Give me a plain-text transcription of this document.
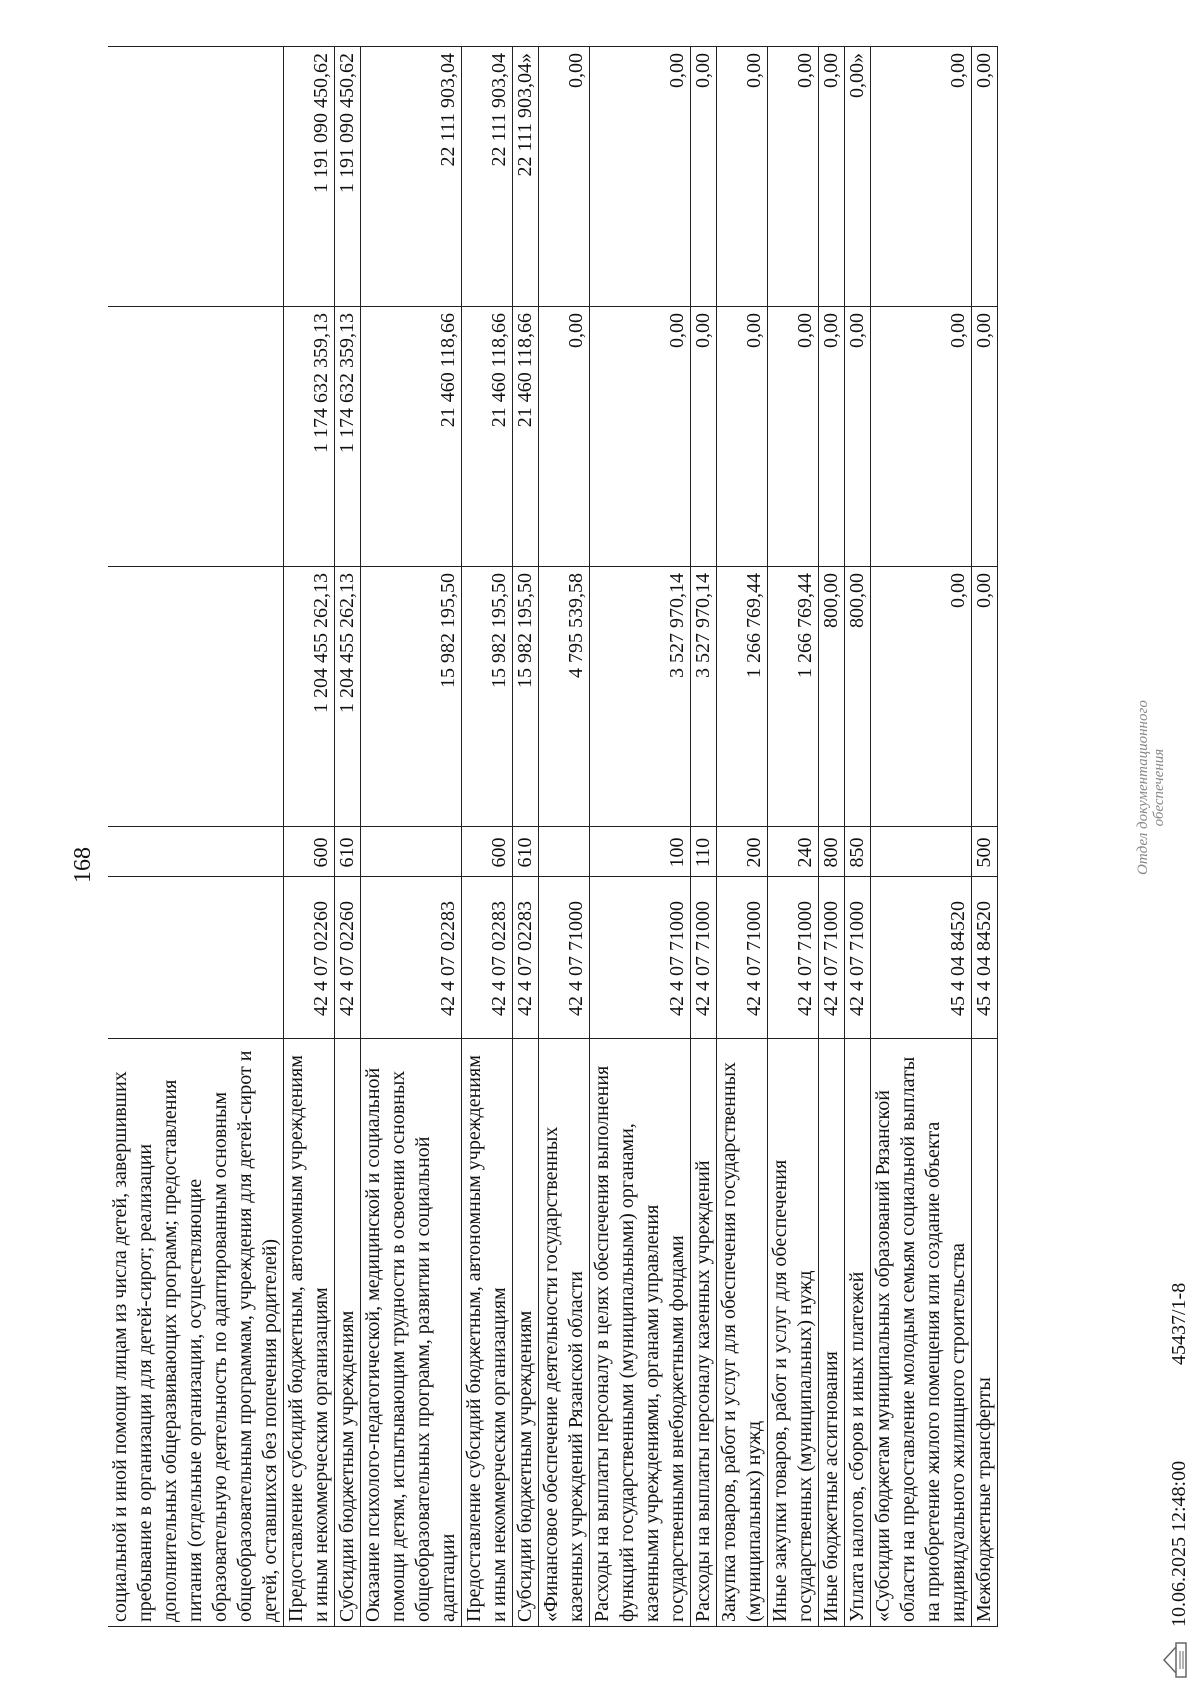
168
социальной и иной помощи лицам из числа детей, завершивших пребывание в организации для детей-сирот; реализации дополнительных общеразвивающих программ; предоставления питания (отдельные организации, осуществляющие образовательную деятельность по адаптированным основным общеобразовательным программам, учреждения для детей-сирот и детей, оставшихся без попечения родителей)					
Предоставление субсидий бюджетным, автономным учреждениям и иным некоммерческим организациям	42 4 07 02260	600	1 204 455 262,13	1 174 632 359,13	1 191 090 450,62
Субсидии бюджетным учреждениям	42 4 07 02260	610	1 204 455 262,13	1 174 632 359,13	1 191 090 450,62
Оказание психолого-педагогической, медицинской и социальной помощи детям, испытывающим трудности в освоении основных общеобразовательных программ, развитии и социальной адаптации	42 4 07 02283		15 982 195,50	21 460 118,66	22 111 903,04
Предоставление субсидий бюджетным, автономным учреждениям и иным некоммерческим организациям	42 4 07 02283	600	15 982 195,50	21 460 118,66	22 111 903,04
Субсидии бюджетным учреждениям	42 4 07 02283	610	15 982 195,50	21 460 118,66	22 111 903,04»
«Финансовое обеспечение деятельности государственных казенных учреждений Рязанской области	42 4 07 71000		4 795 539,58	0,00	0,00
Расходы на выплаты персоналу в целях обеспечения выполнения функций государственными (муниципальными) органами, казенными учреждениями, органами управления государственными внебюджетными фондами	42 4 07 71000	100	3 527 970,14	0,00	0,00
Расходы на выплаты персоналу казенных учреждений	42 4 07 71000	110	3 527 970,14	0,00	0,00
Закупка товаров, работ и услуг для обеспечения государственных (муниципальных) нужд	42 4 07 71000	200	1 266 769,44	0,00	0,00
Иные закупки товаров, работ и услуг для обеспечения государственных (муниципальных) нужд	42 4 07 71000	240	1 266 769,44	0,00	0,00
Иные бюджетные ассигнования	42 4 07 71000	800	800,00	0,00	0,00
Уплата налогов, сборов и иных платежей	42 4 07 71000	850	800,00	0,00	0,00»
«Субсидии бюджетам муниципальных образований Рязанской области на предоставление молодым семьям социальной выплаты на приобретение жилого помещения или создание объекта индивидуального жилищного строительства	45 4 04 84520		0,00	0,00	0,00
Межбюджетные трансферты	45 4 04 84520	500	0,00	0,00	0,00
10.06.2025 12:48:00
45437/1-8
Отдел документационного обеспечения
